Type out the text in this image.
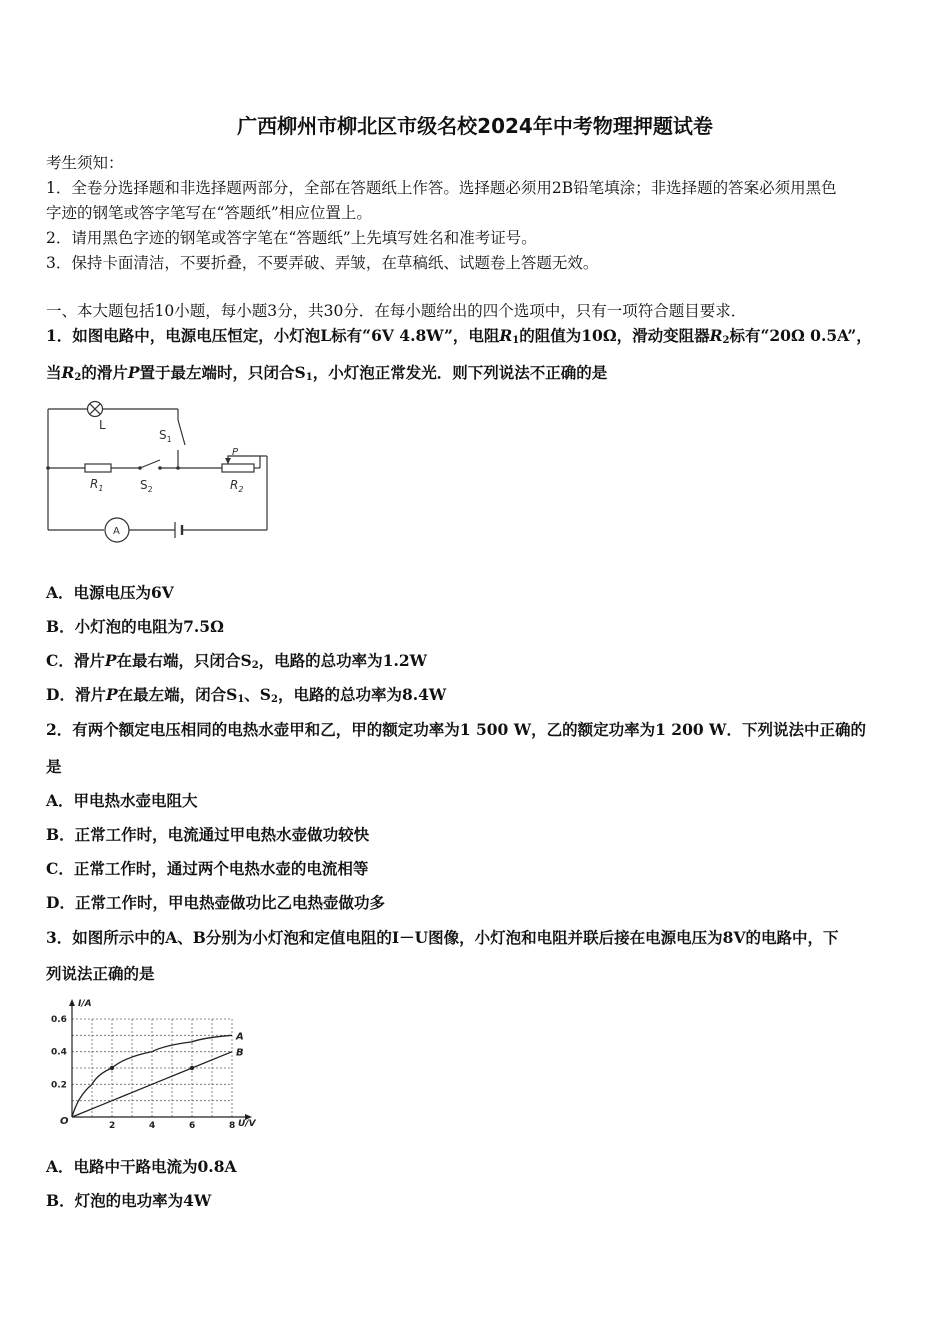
广西柳州市柳北区市级名校2024年中考物理押题试卷
考生须知：
1．全卷分选择题和非选择题两部分，全部在答题纸上作答。选择题必须用2B铅笔填涂；非选择题的答案必须用黑色
字迹的钢笔或答字笔写在“答题纸”相应位置上。
2．请用黑色字迹的钢笔或答字笔在“答题纸”上先填写姓名和准考证号。
3．保持卡面清洁，不要折叠，不要弄破、弄皱，在草稿纸、试题卷上答题无效。
一、本大题包括10小题，每小题3分，共30分．在每小题给出的四个选项中，只有一项符合题目要求．
1．如图电路中，电源电压恒定，小灯泡L标有“6V 4.8W”，电阻$R_1$的阻值为10Ω，滑动变阻器$R_2$标有“20Ω 0.5A”，
当$R_2$的滑片P置于最左端时，只闭合$S_1$，小灯泡正常发光．则下列说法不正确的是
L
$S_1$
$R_1$	$S_2$	$R_2$
P
A
A．电源电压为6V
B．小灯泡的电阻为7.5Ω
C．滑片P在最右端，只闭合$S_2$，电路的总功率为1.2W
D．滑片P在最左端，闭合$S_1$、$S_2$，电路的总功率为8.4W
2．有两个额定电压相同的电热水壶甲和乙，甲的额定功率为1 500 W，乙的额定功率为1 200 W．下列说法中正确的
是
A．甲电热水壶电阻大
B．正常工作时，电流通过甲电热水壶做功较快
C．正常工作时，通过两个电热水壶的电流相等
D．正常工作时，甲电热壶做功比乙电热壶做功多
3．如图所示中的A、B分别为小灯泡和定值电阻的I－U图像，小灯泡和电阻并联后接在电源电压为8V的电路中，下
列说法正确的是
I/A
U/V
O	2	4	6	8
0.2
0.4
0.6
A
B
A．电路中干路电流为0.8A
B．灯泡的电功率为4W
